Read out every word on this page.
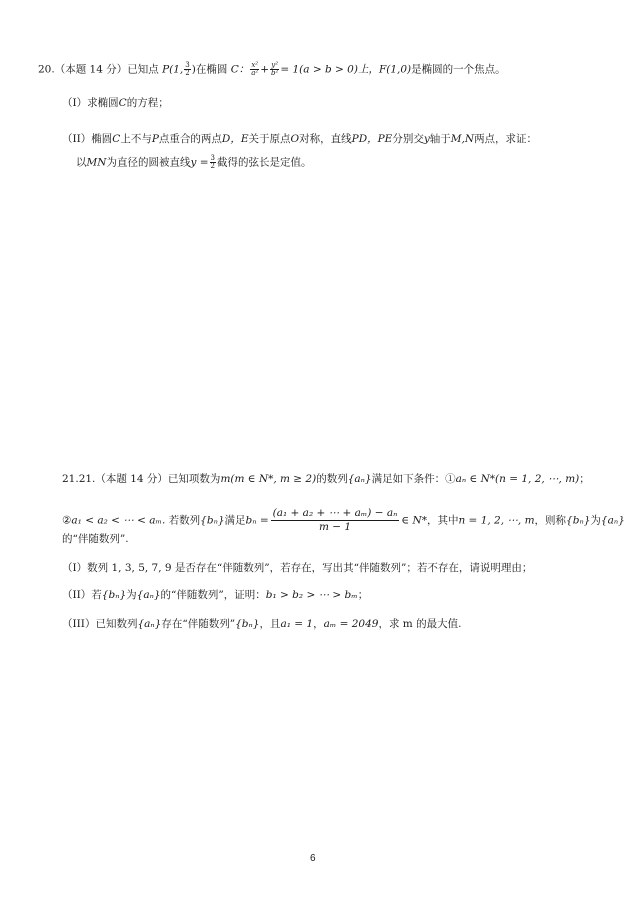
20.（本题 14 分）已知点 P(1, $\frac{3}{2}$ )在椭圆 C： $\frac{\text{x²}}{\text{a²}} + \frac{\text{y²}}{\text{b²}} = 1(a > b > 0)$上，F(1,0)是椭圆的一个焦点。
（I）求椭圆C的方程；
（II）椭圆C上不与P点重合的两点D，E关于原点O对称，直线PD，PE分别交y轴于M,N两点，求证：
以MN为直径的圆被直线$y = \frac{3}{2}$ 截得的弦长是定值。
21.21.（本题 14 分）已知项数为m(m ∈ N*, m ≥ 2)的数列{aₙ}满足如下条件：①aₙ ∈ N*(n = 1, 2, ⋯, m)；
②a₁ < a₂ < ⋯ < aₘ. 若数列{bₙ}满足$b_n = \frac{\text{(a₁ + a₂ + ⋯ + aₘ) − aₙ}}{m - 1}$ ∈ N*，其中n = 1, 2, ⋯, m，则称{bₙ}为{aₙ}
的“伴随数列”.
（I）数列 1, 3, 5, 7, 9 是否存在“伴随数列”，若存在，写出其“伴随数列”；若不存在，请说明理由；
（II）若{bₙ}为{aₙ}的“伴随数列”，证明：b₁ > b₂ > ⋯ > bₘ；
（III）已知数列{aₙ}存在“伴随数列”{bₙ}，且a₁ = 1，aₘ = 2049，求 m 的最大值.
6
